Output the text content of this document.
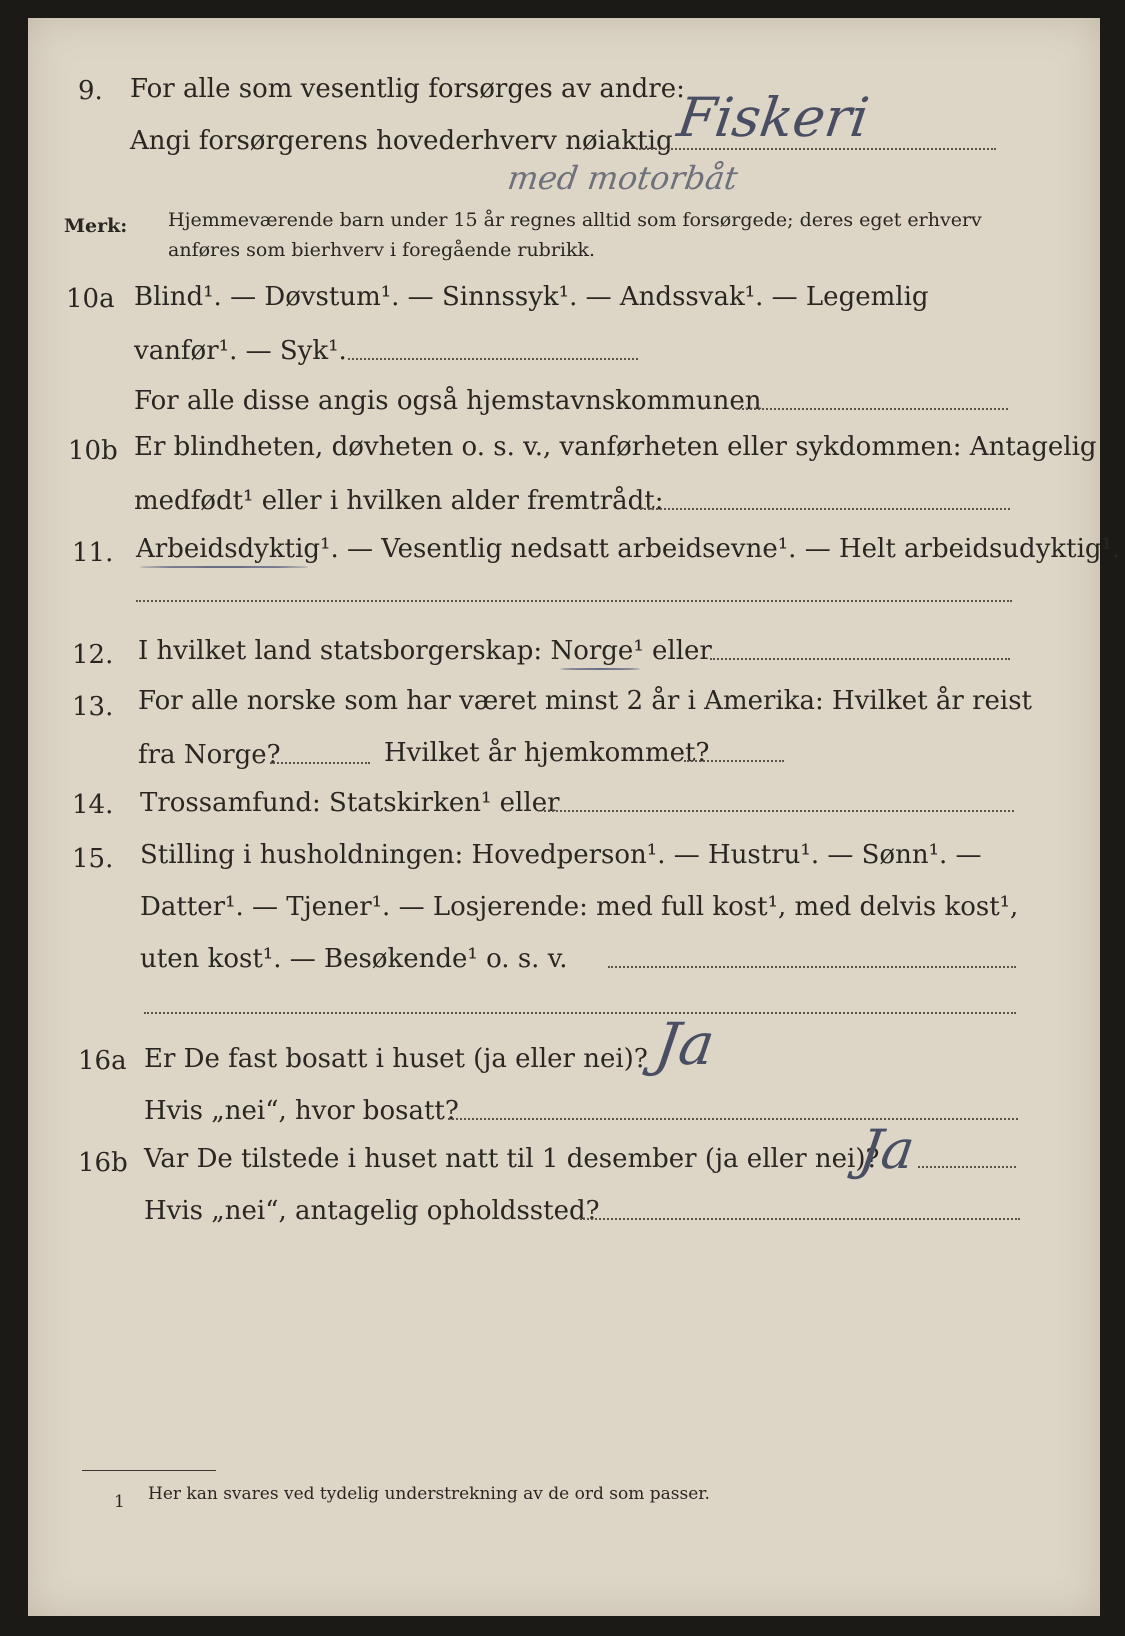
9. For alle som vesentlig forsørges av andre:
Angi forsørgerens hovederhverv nøiaktig Fiskeri
med motorbåt
Merk: Hjemmeværende barn under 15 år regnes alltid som forsørgede; deres eget erhverv
anføres som bierhverv i foregående rubrikk.
10a Blind¹. — Døvstum¹. — Sinnssyk¹. — Andssvak¹. — Legemlig
vanfør¹. — Syk¹.
For alle disse angis også hjemstavnskommunen
10b Er blindheten, døvheten o. s. v., vanførheten eller sykdommen: Antagelig
medfødt¹ eller i hvilken alder fremtrådt:
11. Arbeidsdyktig¹. — Vesentlig nedsatt arbeidsevne¹. — Helt arbeidsudyktig¹.
12. I hvilket land statsborgerskap: Norge¹ eller
13. For alle norske som har været minst 2 år i Amerika: Hvilket år reist
fra Norge?	Hvilket år hjemkommet?
14. Trossamfund: Statskirken¹ eller
15. Stilling i husholdningen: Hovedperson¹. — Hustru¹. — Sønn¹. —
Datter¹. — Tjener¹. — Losjerende: med full kost¹, med delvis kost¹,
uten kost¹. — Besøkende¹ o. s. v.
16a Er De fast bosatt i huset (ja eller nei)? Ja
Hvis „nei“, hvor bosatt?
16b Var De tilstede i huset natt til 1 desember (ja eller nei)?
Ja
Hvis „nei“, antagelig opholdssted?
1 Her kan svares ved tydelig understrekning av de ord som passer.
